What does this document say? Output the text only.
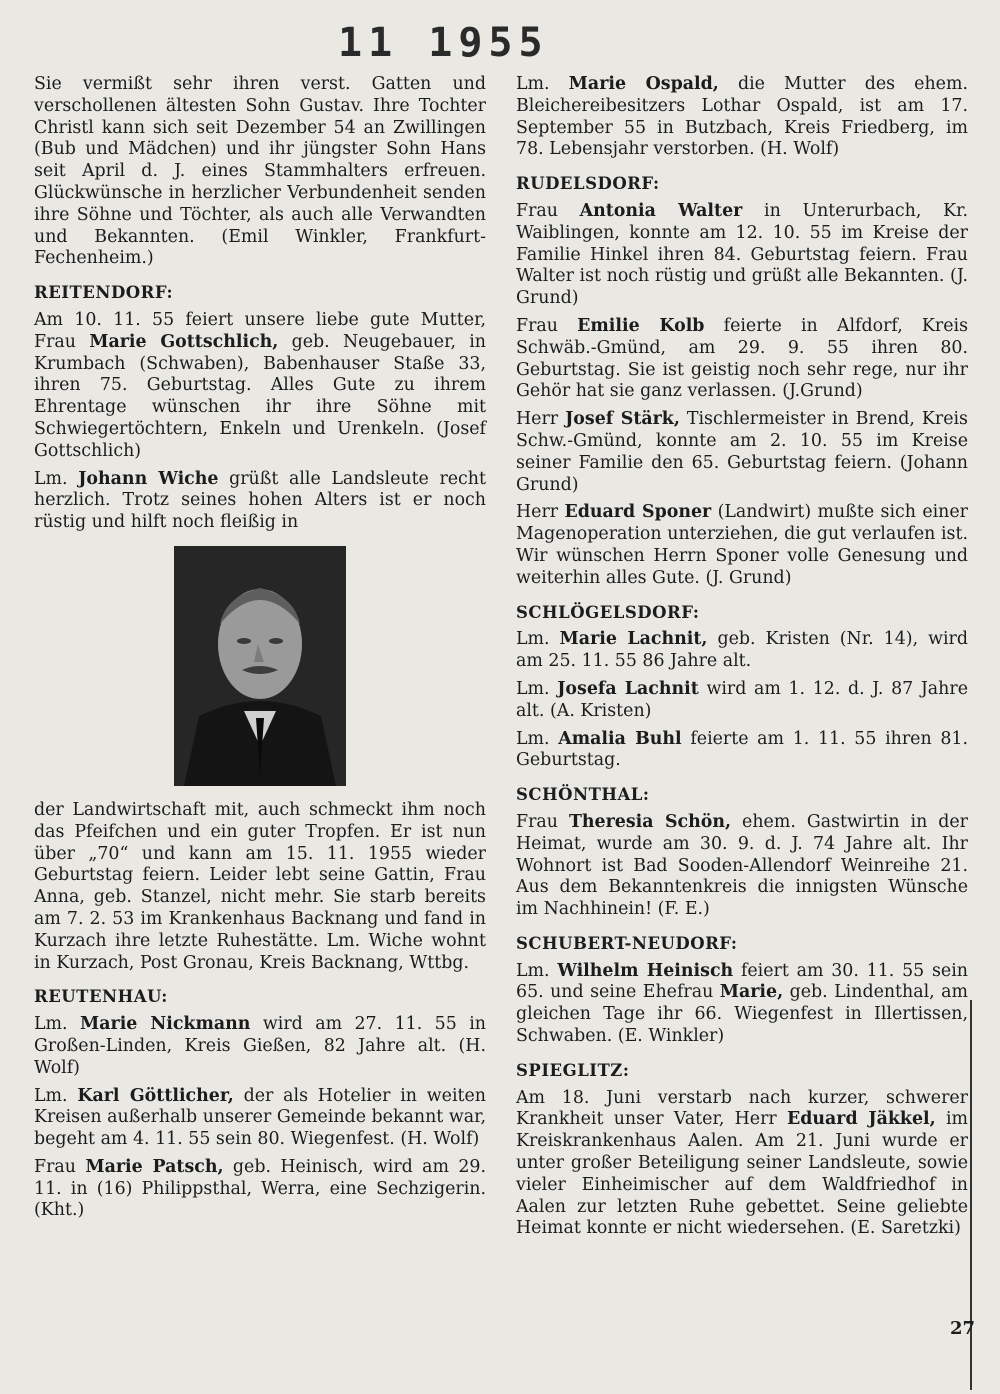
11 1955

Sie vermißt sehr ihren verst. Gatten und verschollenen ältesten Sohn Gustav. Ihre Tochter Christl kann sich seit Dezember 54 an Zwillingen (Bub und Mädchen) und ihr jüngster Sohn Hans seit April d. J. eines Stammhalters erfreuen. Glückwünsche in herzlicher Verbundenheit senden ihre Söhne und Töchter, als auch alle Verwandten und Bekannten. (Emil Winkler, Frankfurt-Fechenheim.)

REITENDORF:

Am 10. 11. 55 feiert unsere liebe gute Mutter, Frau Marie Gottschlich, geb. Neugebauer, in Krumbach (Schwaben), Babenhauser Staße 33, ihren 75. Geburtstag. Alles Gute zu ihrem Ehrentage wünschen ihr ihre Söhne mit Schwiegertöchtern, Enkeln und Urenkeln. (Josef Gottschlich)

Lm. Johann Wiche grüßt alle Landsleute recht herzlich. Trotz seines hohen Alters ist er noch rüstig und hilft noch fleißig in

der Landwirtschaft mit, auch schmeckt ihm noch das Pfeifchen und ein guter Tropfen. Er ist nun über „70“ und kann am 15. 11. 1955 wieder Geburtstag feiern. Leider lebt seine Gattin, Frau Anna, geb. Stanzel, nicht mehr. Sie starb bereits am 7. 2. 53 im Krankenhaus Backnang und fand in Kurzach ihre letzte Ruhestätte. Lm. Wiche wohnt in Kurzach, Post Gronau, Kreis Backnang, Wttbg.

REUTENHAU:

Lm. Marie Nickmann wird am 27. 11. 55 in Großen-Linden, Kreis Gießen, 82 Jahre alt. (H. Wolf)

Lm. Karl Göttlicher, der als Hotelier in weiten Kreisen außerhalb unserer Gemeinde bekannt war, begeht am 4. 11. 55 sein 80. Wiegenfest. (H. Wolf)

Frau Marie Patsch, geb. Heinisch, wird am 29. 11. in (16) Philippsthal, Werra, eine Sechzigerin. (Kht.)

Lm. Marie Ospald, die Mutter des ehem. Bleichereibesitzers Lothar Ospald, ist am 17. September 55 in Butzbach, Kreis Friedberg, im 78. Lebensjahr verstorben. (H. Wolf)

RUDELSDORF:

Frau Antonia Walter in Unterurbach, Kr. Waiblingen, konnte am 12. 10. 55 im Kreise der Familie Hinkel ihren 84. Geburtstag feiern. Frau Walter ist noch rüstig und grüßt alle Bekannten. (J. Grund)

Frau Emilie Kolb feierte in Alfdorf, Kreis Schwäb.-Gmünd, am 29. 9. 55 ihren 80. Geburtstag. Sie ist geistig noch sehr rege, nur ihr Gehör hat sie ganz verlassen. (J.Grund)

Herr Josef Stärk, Tischlermeister in Brend, Kreis Schw.-Gmünd, konnte am 2. 10. 55 im Kreise seiner Familie den 65. Geburtstag feiern. (Johann Grund)

Herr Eduard Sponer (Landwirt) mußte sich einer Magenoperation unterziehen, die gut verlaufen ist. Wir wünschen Herrn Sponer volle Genesung und weiterhin alles Gute. (J. Grund)

SCHLÖGELSDORF:

Lm. Marie Lachnit, geb. Kristen (Nr. 14), wird am 25. 11. 55 86 Jahre alt.

Lm. Josefa Lachnit wird am 1. 12. d. J. 87 Jahre alt. (A. Kristen)

Lm. Amalia Buhl feierte am 1. 11. 55 ihren 81. Geburtstag.

SCHÖNTHAL:

Frau Theresia Schön, ehem. Gastwirtin in der Heimat, wurde am 30. 9. d. J. 74 Jahre alt. Ihr Wohnort ist Bad Sooden-Allendorf Weinreihe 21. Aus dem Bekanntenkreis die innigsten Wünsche im Nachhinein! (F. E.)

SCHUBERT-NEUDORF:

Lm. Wilhelm Heinisch feiert am 30. 11. 55 sein 65. und seine Ehefrau Marie, geb. Lindenthal, am gleichen Tage ihr 66. Wiegenfest in Illertissen, Schwaben. (E. Winkler)

SPIEGLITZ:

Am 18. Juni verstarb nach kurzer, schwerer Krankheit unser Vater, Herr Eduard Jäkkel, im Kreiskrankenhaus Aalen. Am 21. Juni wurde er unter großer Beteiligung seiner Landsleute, sowie vieler Einheimischer auf dem Waldfriedhof in Aalen zur letzten Ruhe gebettet. Seine geliebte Heimat konnte er nicht wiedersehen. (E. Saretzki)

27
